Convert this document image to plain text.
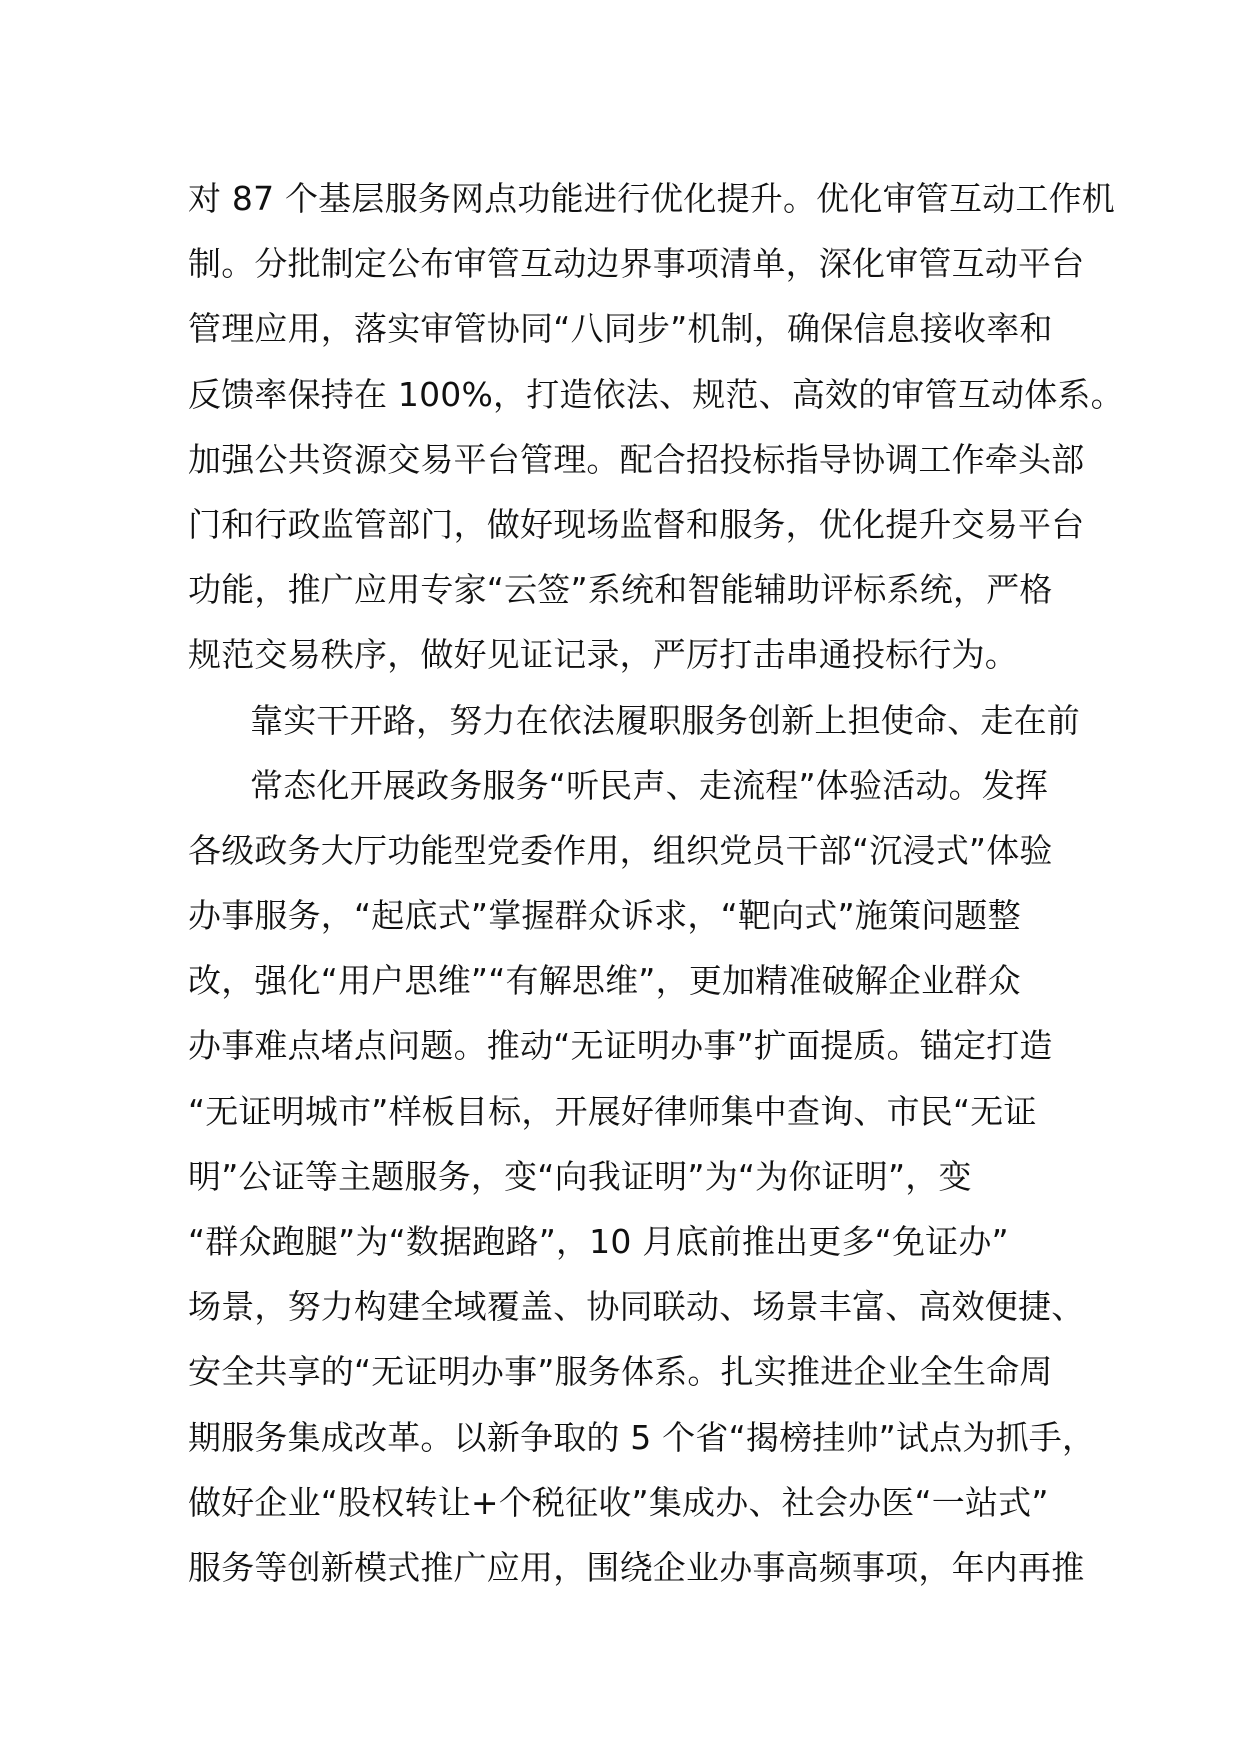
对 87 个基层服务网点功能进行优化提升。优化审管互动工作机
制。分批制定公布审管互动边界事项清单，深化审管互动平台
管理应用，落实审管协同“八同步”机制，确保信息接收率和
反馈率保持在 100%，打造依法、规范、高效的审管互动体系。
加强公共资源交易平台管理。配合招投标指导协调工作牵头部
门和行政监管部门，做好现场监督和服务，优化提升交易平台
功能，推广应用专家“云签”系统和智能辅助评标系统，严格
规范交易秩序，做好见证记录，严厉打击串通投标行为。
靠实干开路，努力在依法履职服务创新上担使命、走在前
常态化开展政务服务“听民声、走流程”体验活动。发挥
各级政务大厅功能型党委作用，组织党员干部“沉浸式”体验
办事服务，“起底式”掌握群众诉求，“靶向式”施策问题整
改，强化“用户思维”“有解思维”，更加精准破解企业群众
办事难点堵点问题。推动“无证明办事”扩面提质。锚定打造
“无证明城市”样板目标，开展好律师集中查询、市民“无证
明”公证等主题服务，变“向我证明”为“为你证明”，变
“群众跑腿”为“数据跑路”，10 月底前推出更多“免证办”
场景，努力构建全域覆盖、协同联动、场景丰富、高效便捷、
安全共享的“无证明办事”服务体系。扎实推进企业全生命周
期服务集成改革。以新争取的 5 个省“揭榜挂帅”试点为抓手，
做好企业“股权转让+个税征收”集成办、社会办医“一站式”
服务等创新模式推广应用，围绕企业办事高频事项，年内再推
